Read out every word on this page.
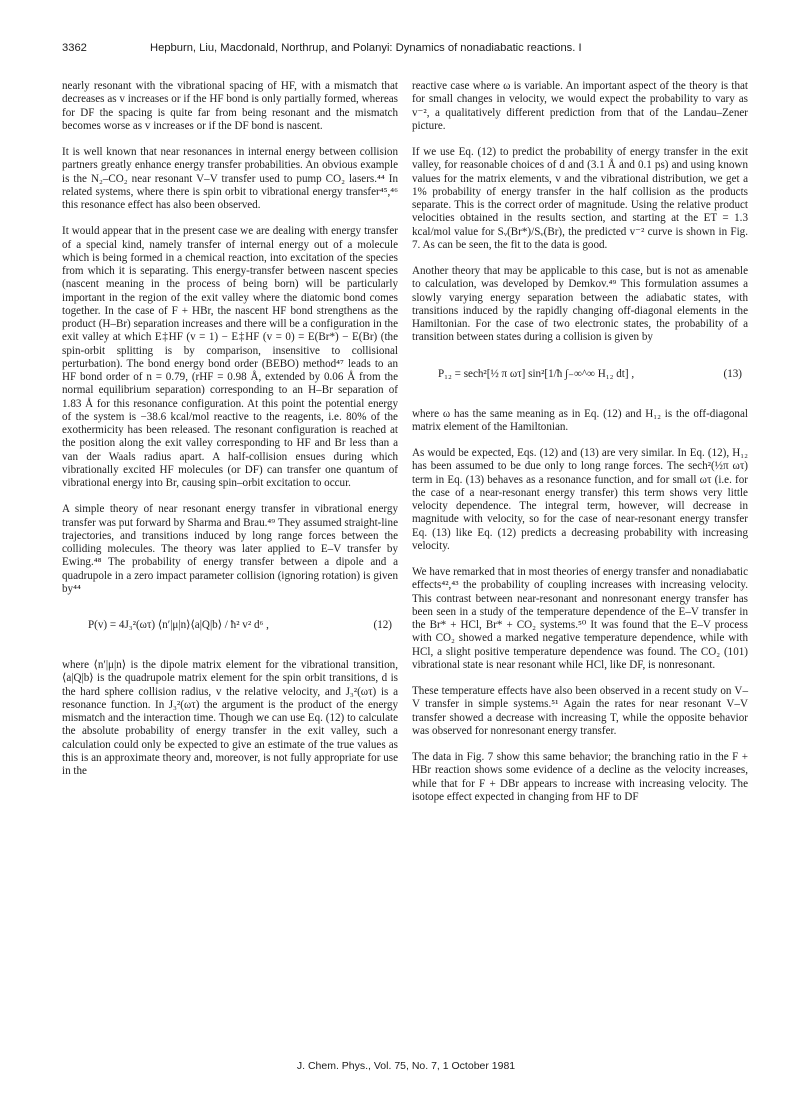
3362	Hepburn, Liu, Macdonald, Northrup, and Polanyi: Dynamics of nonadiabatic reactions. I

nearly resonant with the vibrational spacing of HF, with a mismatch that decreases as v increases or if the HF bond is only partially formed, whereas for DF the spacing is quite far from being resonant and the mismatch becomes worse as v increases or if the DF bond is nascent.

It is well known that near resonances in internal energy between collision partners greatly enhance energy transfer probabilities. An obvious example is the N₂–CO₂ near resonant V–V transfer used to pump CO₂ lasers.⁴⁴ In related systems, where there is spin orbit to vibrational energy transfer⁴⁵,⁴⁶ this resonance effect has also been observed.

It would appear that in the present case we are dealing with energy transfer of a special kind, namely transfer of internal energy out of a molecule which is being formed in a chemical reaction, into excitation of the species from which it is separating. This energy-transfer between nascent species (nascent meaning in the process of being born) will be particularly important in the region of the exit valley where the diatomic bond comes together. In the case of F + HBr, the nascent HF bond strengthens as the product (H–Br) separation increases and there will be a configuration in the exit valley at which E‡HF (v = 1) − E‡HF (v = 0) = E(Br*) − E(Br) (the spin-orbit splitting is by comparison, insensitive to collisional perturbation). The bond energy bond order (BEBO) method⁴⁷ leads to an HF bond order of n = 0.79, (rHF = 0.98 Å, extended by 0.06 Å from the normal equilibrium separation) corresponding to an H–Br separation of 1.83 Å for this resonance configuration. At this point the potential energy of the system is −38.6 kcal/mol reactive to the reagents, i.e. 80% of the exothermicity has been released. The resonant configuration is reached at the position along the exit valley corresponding to HF and Br less than a van der Waals radius apart. A half-collision ensues during which vibrationally excited HF molecules (or DF) can transfer one quantum of vibrational energy into Br, causing spin–orbit excitation to occur.

A simple theory of near resonant energy transfer in vibrational energy transfer was put forward by Sharma and Brau.⁴⁹ They assumed straight-line trajectories, and transitions induced by long range forces between the colliding molecules. The theory was later applied to E–V transfer by Ewing.⁴⁸ The probability of energy transfer between a dipole and a quadrupole in a zero impact parameter collision (ignoring rotation) is given by⁴⁴

P(v) = 4J₃²(ωτ) ⟨n′|μ|n⟩⟨a|Q|b⟩ / ħ² v² d⁶ ,	(12)

where ⟨n′|μ|n⟩ is the dipole matrix element for the vibrational transition, ⟨a|Q|b⟩ is the quadrupole matrix element for the spin orbit transitions, d is the hard sphere collision radius, v the relative velocity, and J₃²(ωτ) is a resonance function. In J₃²(ωτ) the argument is the product of the energy mismatch and the interaction time. Though we can use Eq. (12) to calculate the absolute probability of energy transfer in the exit valley, such a calculation could only be expected to give an estimate of the true values as this is an approximate theory and, moreover, is not fully appropriate for use in the

reactive case where ω is variable. An important aspect of the theory is that for small changes in velocity, we would expect the probability to vary as v⁻², a qualitatively different prediction from that of the Landau–Zener picture.

If we use Eq. (12) to predict the probability of energy transfer in the exit valley, for reasonable choices of d and (3.1 Å and 0.1 ps) and using known values for the matrix elements, v and the vibrational distribution, we get a 1% probability of energy transfer in the half collision as the products separate. This is the correct order of magnitude. Using the relative product velocities obtained in the results section, and starting at the ET = 1.3 kcal/mol value for Sᵥ(Br*)/Sᵥ(Br), the predicted v⁻² curve is shown in Fig. 7. As can be seen, the fit to the data is good.

Another theory that may be applicable to this case, but is not as amenable to calculation, was developed by Demkov.⁴⁹ This formulation assumes a slowly varying energy separation between the adiabatic states, with transitions induced by the rapidly changing off-diagonal elements in the Hamiltonian. For the case of two electronic states, the probability of a transition between states during a collision is given by

P₁₂ = sech²[½ π ωτ] sin²[1/ħ ∫₋∞^∞ H₁₂ dt] ,	(13)

where ω has the same meaning as in Eq. (12) and H₁₂ is the off-diagonal matrix element of the Hamiltonian.

As would be expected, Eqs. (12) and (13) are very similar. In Eq. (12), H₁₂ has been assumed to be due only to long range forces. The sech²(½π ωτ) term in Eq. (13) behaves as a resonance function, and for small ωτ (i.e. for the case of a near-resonant energy transfer) this term shows very little velocity dependence. The integral term, however, will decrease in magnitude with velocity, so for the case of near-resonant energy transfer Eq. (13) like Eq. (12) predicts a decreasing probability with increasing velocity.

We have remarked that in most theories of energy transfer and nonadiabatic effects⁴²,⁴³ the probability of coupling increases with increasing velocity. This contrast between near-resonant and nonresonant energy transfer has been seen in a study of the temperature dependence of the E–V transfer in the Br* + HCl, Br* + CO₂ systems.⁵⁰ It was found that the E–V process with CO₂ showed a marked negative temperature dependence, while with HCl, a slight positive temperature dependence was found. The CO₂ (101) vibrational state is near resonant while HCl, like DF, is nonresonant.

These temperature effects have also been observed in a recent study on V–V transfer in simple systems.⁵¹ Again the rates for near resonant V–V transfer showed a decrease with increasing T, while the opposite behavior was observed for nonresonant energy transfer.

The data in Fig. 7 show this same behavior; the branching ratio in the F + HBr reaction shows some evidence of a decline as the velocity increases, while that for F + DBr appears to increase with increasing velocity. The isotope effect expected in changing from HF to DF

J. Chem. Phys., Vol. 75, No. 7, 1 October 1981
